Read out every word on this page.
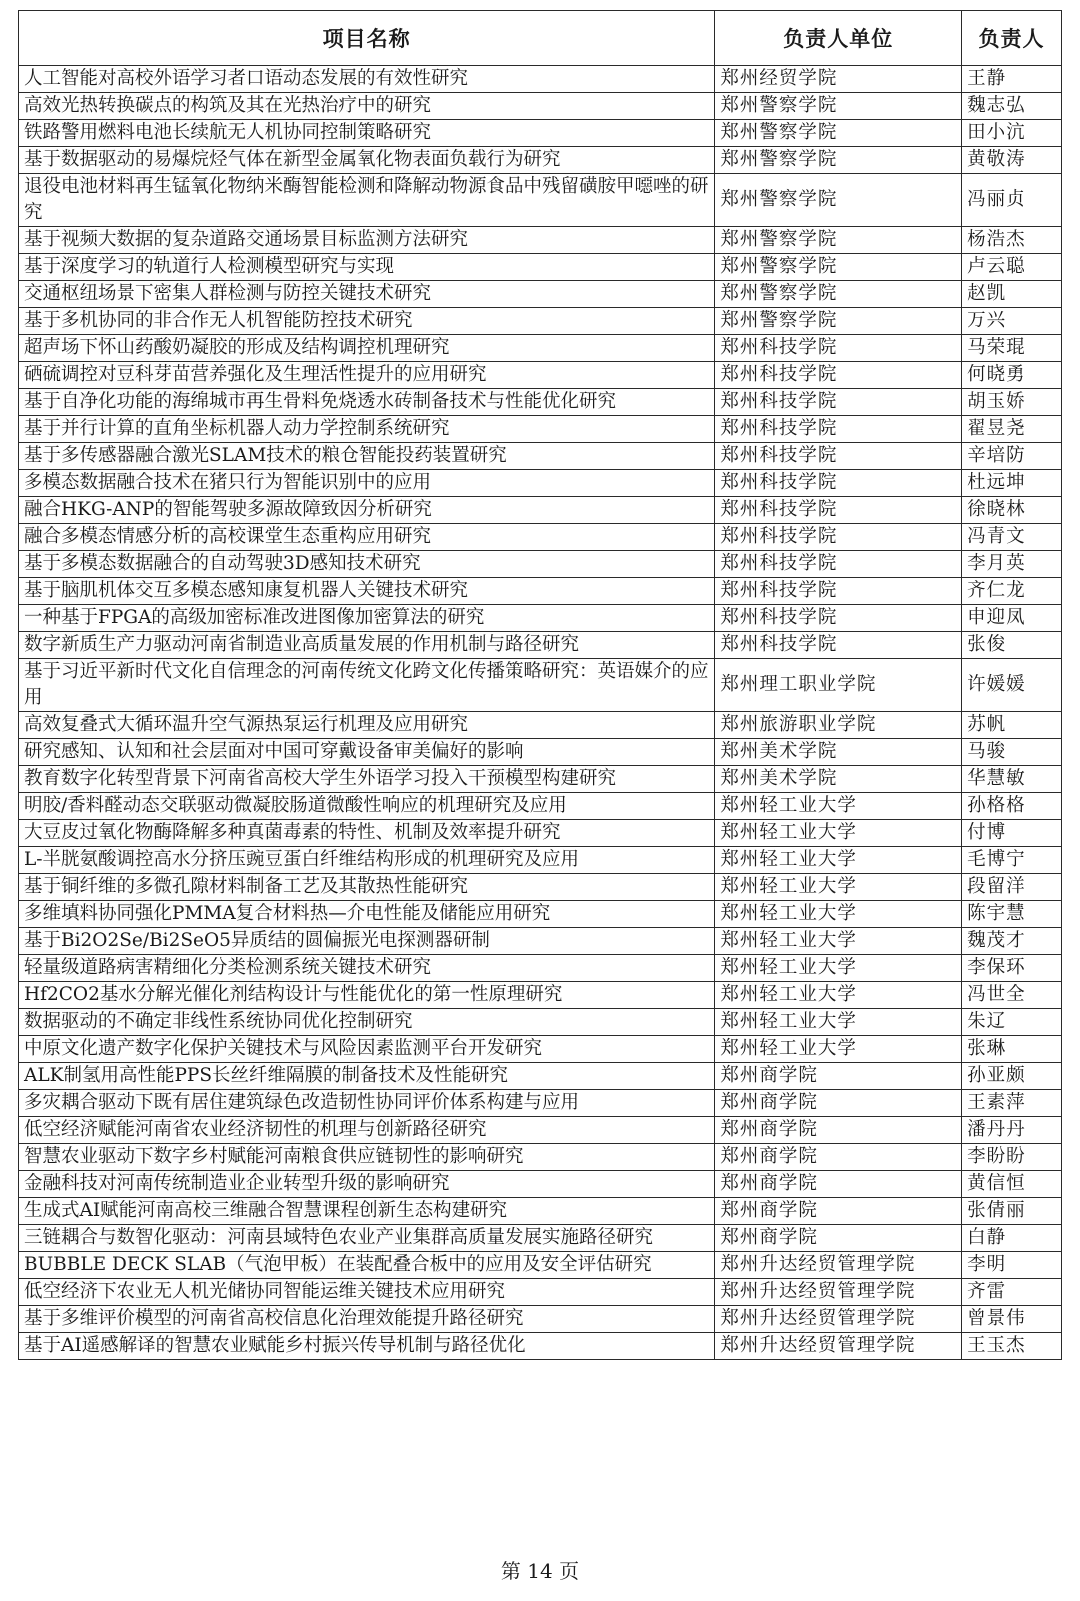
项目名称	负责人单位	负责人
人工智能对高校外语学习者口语动态发展的有效性研究	郑州经贸学院	王静
高效光热转换碳点的构筑及其在光热治疗中的研究	郑州警察学院	魏志弘
铁路警用燃料电池长续航无人机协同控制策略研究	郑州警察学院	田小沆
基于数据驱动的易爆烷烃气体在新型金属氧化物表面负载行为研究	郑州警察学院	黄敬涛
退役电池材料再生锰氧化物纳米酶智能检测和降解动物源食品中残留磺胺甲噁唑的研究	郑州警察学院	冯丽贞
基于视频大数据的复杂道路交通场景目标监测方法研究	郑州警察学院	杨浩杰
基于深度学习的轨道行人检测模型研究与实现	郑州警察学院	卢云聪
交通枢纽场景下密集人群检测与防控关键技术研究	郑州警察学院	赵凯
基于多机协同的非合作无人机智能防控技术研究	郑州警察学院	万兴
超声场下怀山药酸奶凝胶的形成及结构调控机理研究	郑州科技学院	马荣琨
硒硫调控对豆科芽苗营养强化及生理活性提升的应用研究	郑州科技学院	何晓勇
基于自净化功能的海绵城市再生骨料免烧透水砖制备技术与性能优化研究	郑州科技学院	胡玉娇
基于并行计算的直角坐标机器人动力学控制系统研究	郑州科技学院	翟昱尧
基于多传感器融合激光SLAM技术的粮仓智能投药装置研究	郑州科技学院	辛培防
多模态数据融合技术在猪只行为智能识别中的应用	郑州科技学院	杜远坤
融合HKG-ANP的智能驾驶多源故障致因分析研究	郑州科技学院	徐晓林
融合多模态情感分析的高校课堂生态重构应用研究	郑州科技学院	冯青文
基于多模态数据融合的自动驾驶3D感知技术研究	郑州科技学院	李月英
基于脑肌机体交互多模态感知康复机器人关键技术研究	郑州科技学院	齐仁龙
一种基于FPGA的高级加密标准改进图像加密算法的研究	郑州科技学院	申迎凤
数字新质生产力驱动河南省制造业高质量发展的作用机制与路径研究	郑州科技学院	张俊
基于习近平新时代文化自信理念的河南传统文化跨文化传播策略研究：英语媒介的应用	郑州理工职业学院	许媛媛
高效复叠式大循环温升空气源热泵运行机理及应用研究	郑州旅游职业学院	苏帆
研究感知、认知和社会层面对中国可穿戴设备审美偏好的影响	郑州美术学院	马骏
教育数字化转型背景下河南省高校大学生外语学习投入干预模型构建研究	郑州美术学院	华慧敏
明胶/香料醛动态交联驱动微凝胶肠道微酸性响应的机理研究及应用	郑州轻工业大学	孙格格
大豆皮过氧化物酶降解多种真菌毒素的特性、机制及效率提升研究	郑州轻工业大学	付博
L-半胱氨酸调控高水分挤压豌豆蛋白纤维结构形成的机理研究及应用	郑州轻工业大学	毛博宁
基于铜纤维的多微孔隙材料制备工艺及其散热性能研究	郑州轻工业大学	段留洋
多维填料协同强化PMMA复合材料热—介电性能及储能应用研究	郑州轻工业大学	陈宇慧
基于Bi2O2Se/Bi2SeO5异质结的圆偏振光电探测器研制	郑州轻工业大学	魏茂才
轻量级道路病害精细化分类检测系统关键技术研究	郑州轻工业大学	李保环
Hf2CO2基水分解光催化剂结构设计与性能优化的第一性原理研究	郑州轻工业大学	冯世全
数据驱动的不确定非线性系统协同优化控制研究	郑州轻工业大学	朱辽
中原文化遗产数字化保护关键技术与风险因素监测平台开发研究	郑州轻工业大学	张琳
ALK制氢用高性能PPS长丝纤维隔膜的制备技术及性能研究	郑州商学院	孙亚颇
多灾耦合驱动下既有居住建筑绿色改造韧性协同评价体系构建与应用	郑州商学院	王素萍
低空经济赋能河南省农业经济韧性的机理与创新路径研究	郑州商学院	潘丹丹
智慧农业驱动下数字乡村赋能河南粮食供应链韧性的影响研究	郑州商学院	李盼盼
金融科技对河南传统制造业企业转型升级的影响研究	郑州商学院	黄信恒
生成式AI赋能河南高校三维融合智慧课程创新生态构建研究	郑州商学院	张倩丽
三链耦合与数智化驱动：河南县域特色农业产业集群高质量发展实施路径研究	郑州商学院	白静
BUBBLE DECK SLAB（气泡甲板）在装配叠合板中的应用及安全评估研究	郑州升达经贸管理学院	李明
低空经济下农业无人机光储协同智能运维关键技术应用研究	郑州升达经贸管理学院	齐雷
基于多维评价模型的河南省高校信息化治理效能提升路径研究	郑州升达经贸管理学院	曾景伟
基于AI遥感解译的智慧农业赋能乡村振兴传导机制与路径优化	郑州升达经贸管理学院	王玉杰
第 14 页
